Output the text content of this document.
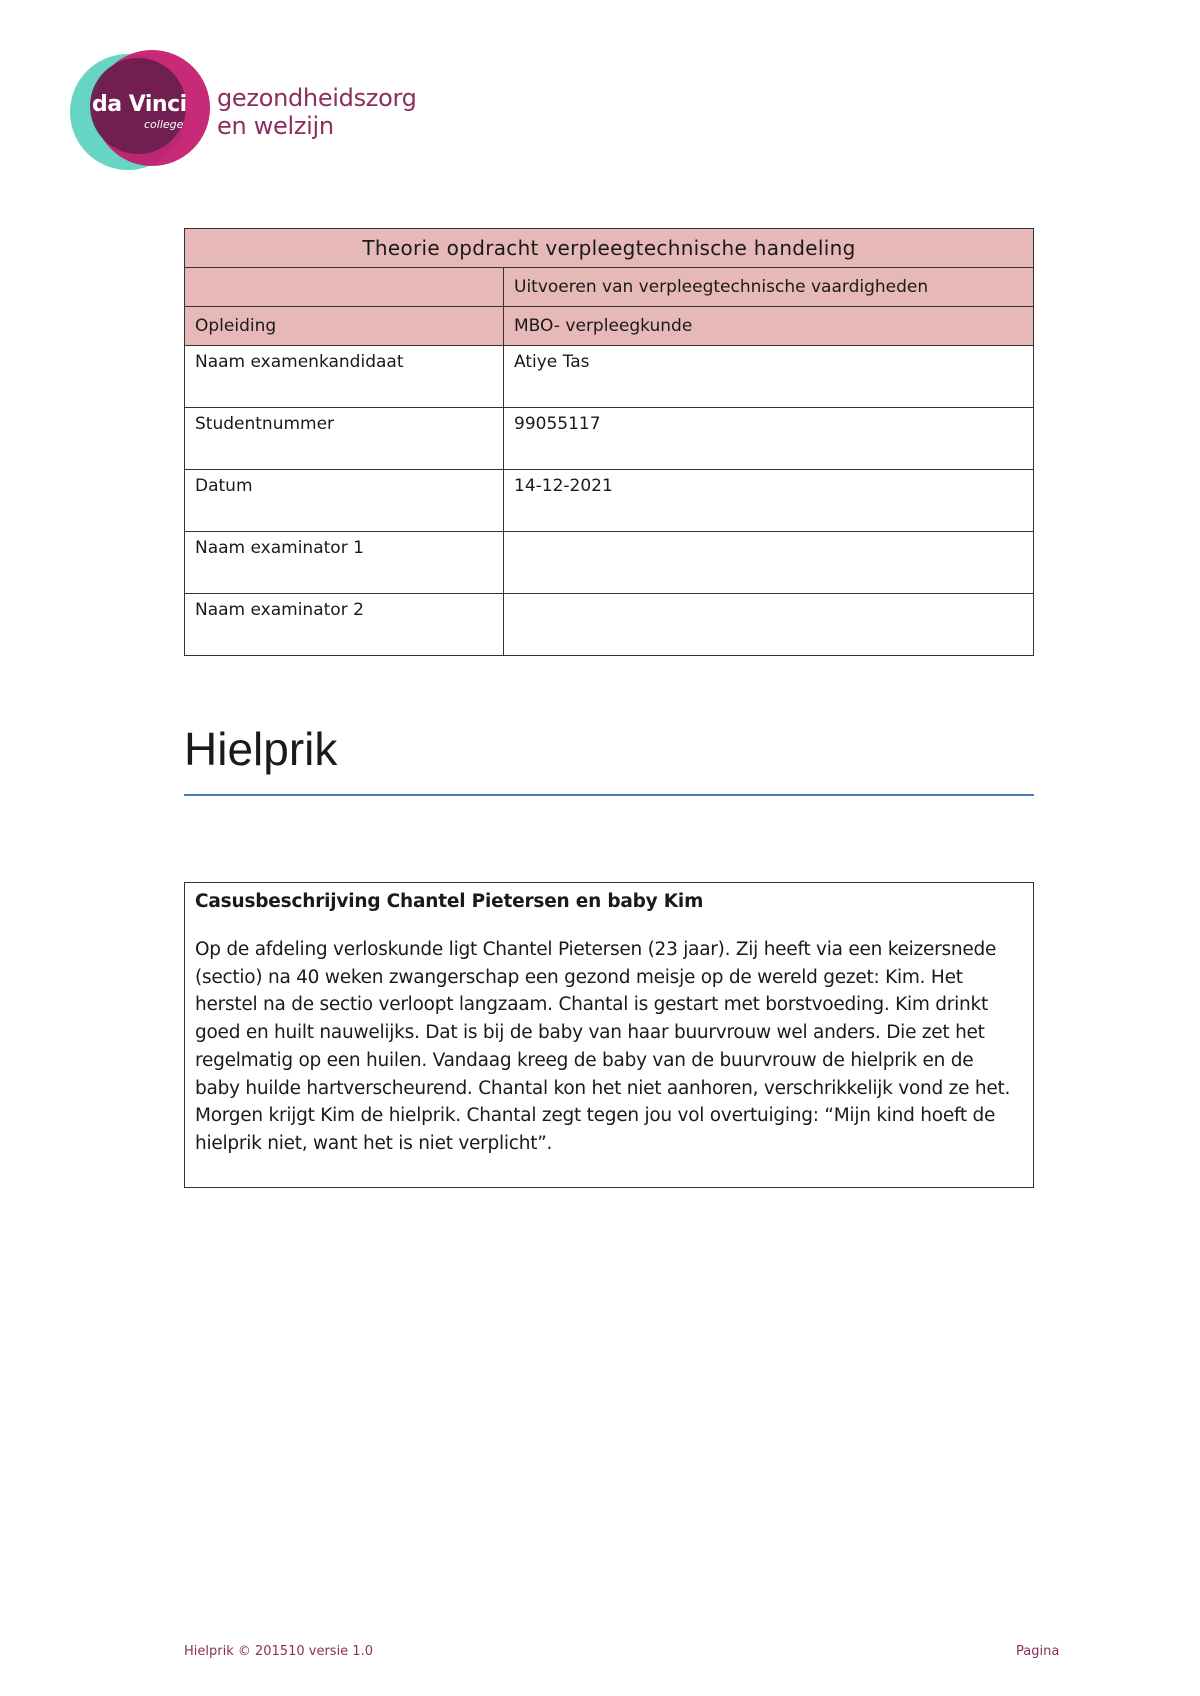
da Vinci
college
gezondheidszorg
en welzijn
Theorie opdracht verpleegtechnische handeling	
	Uitvoeren van verpleegtechnische vaardigheden
Opleiding	MBO- verpleegkunde
Naam examenkandidaat	Atiye Tas
Studentnummer	99055117
Datum	14-12-2021
Naam examinator 1	
Naam examinator 2	
Hielprik

Casusbeschrijving Chantel Pietersen en baby Kim

Op de afdeling verloskunde ligt Chantel Pietersen (23 jaar). Zij heeft via een keizersnede (sectio) na 40 weken zwangerschap een gezond meisje op de wereld gezet: Kim. Het herstel na de sectio verloopt langzaam. Chantal is gestart met borstvoeding. Kim drinkt goed en huilt nauwelijks. Dat is bij de baby van haar buurvrouw wel anders. Die zet het regelmatig op een huilen. Vandaag kreeg de baby van de buurvrouw de hielprik en de baby huilde hartverscheurend. Chantal kon het niet aanhoren, verschrikkelijk vond ze het. Morgen krijgt Kim de hielprik. Chantal zegt tegen jou vol overtuiging: “Mijn kind hoeft de hielprik niet, want het is niet verplicht”.

Hielprik © 201510 versie 1.0	Pagina
